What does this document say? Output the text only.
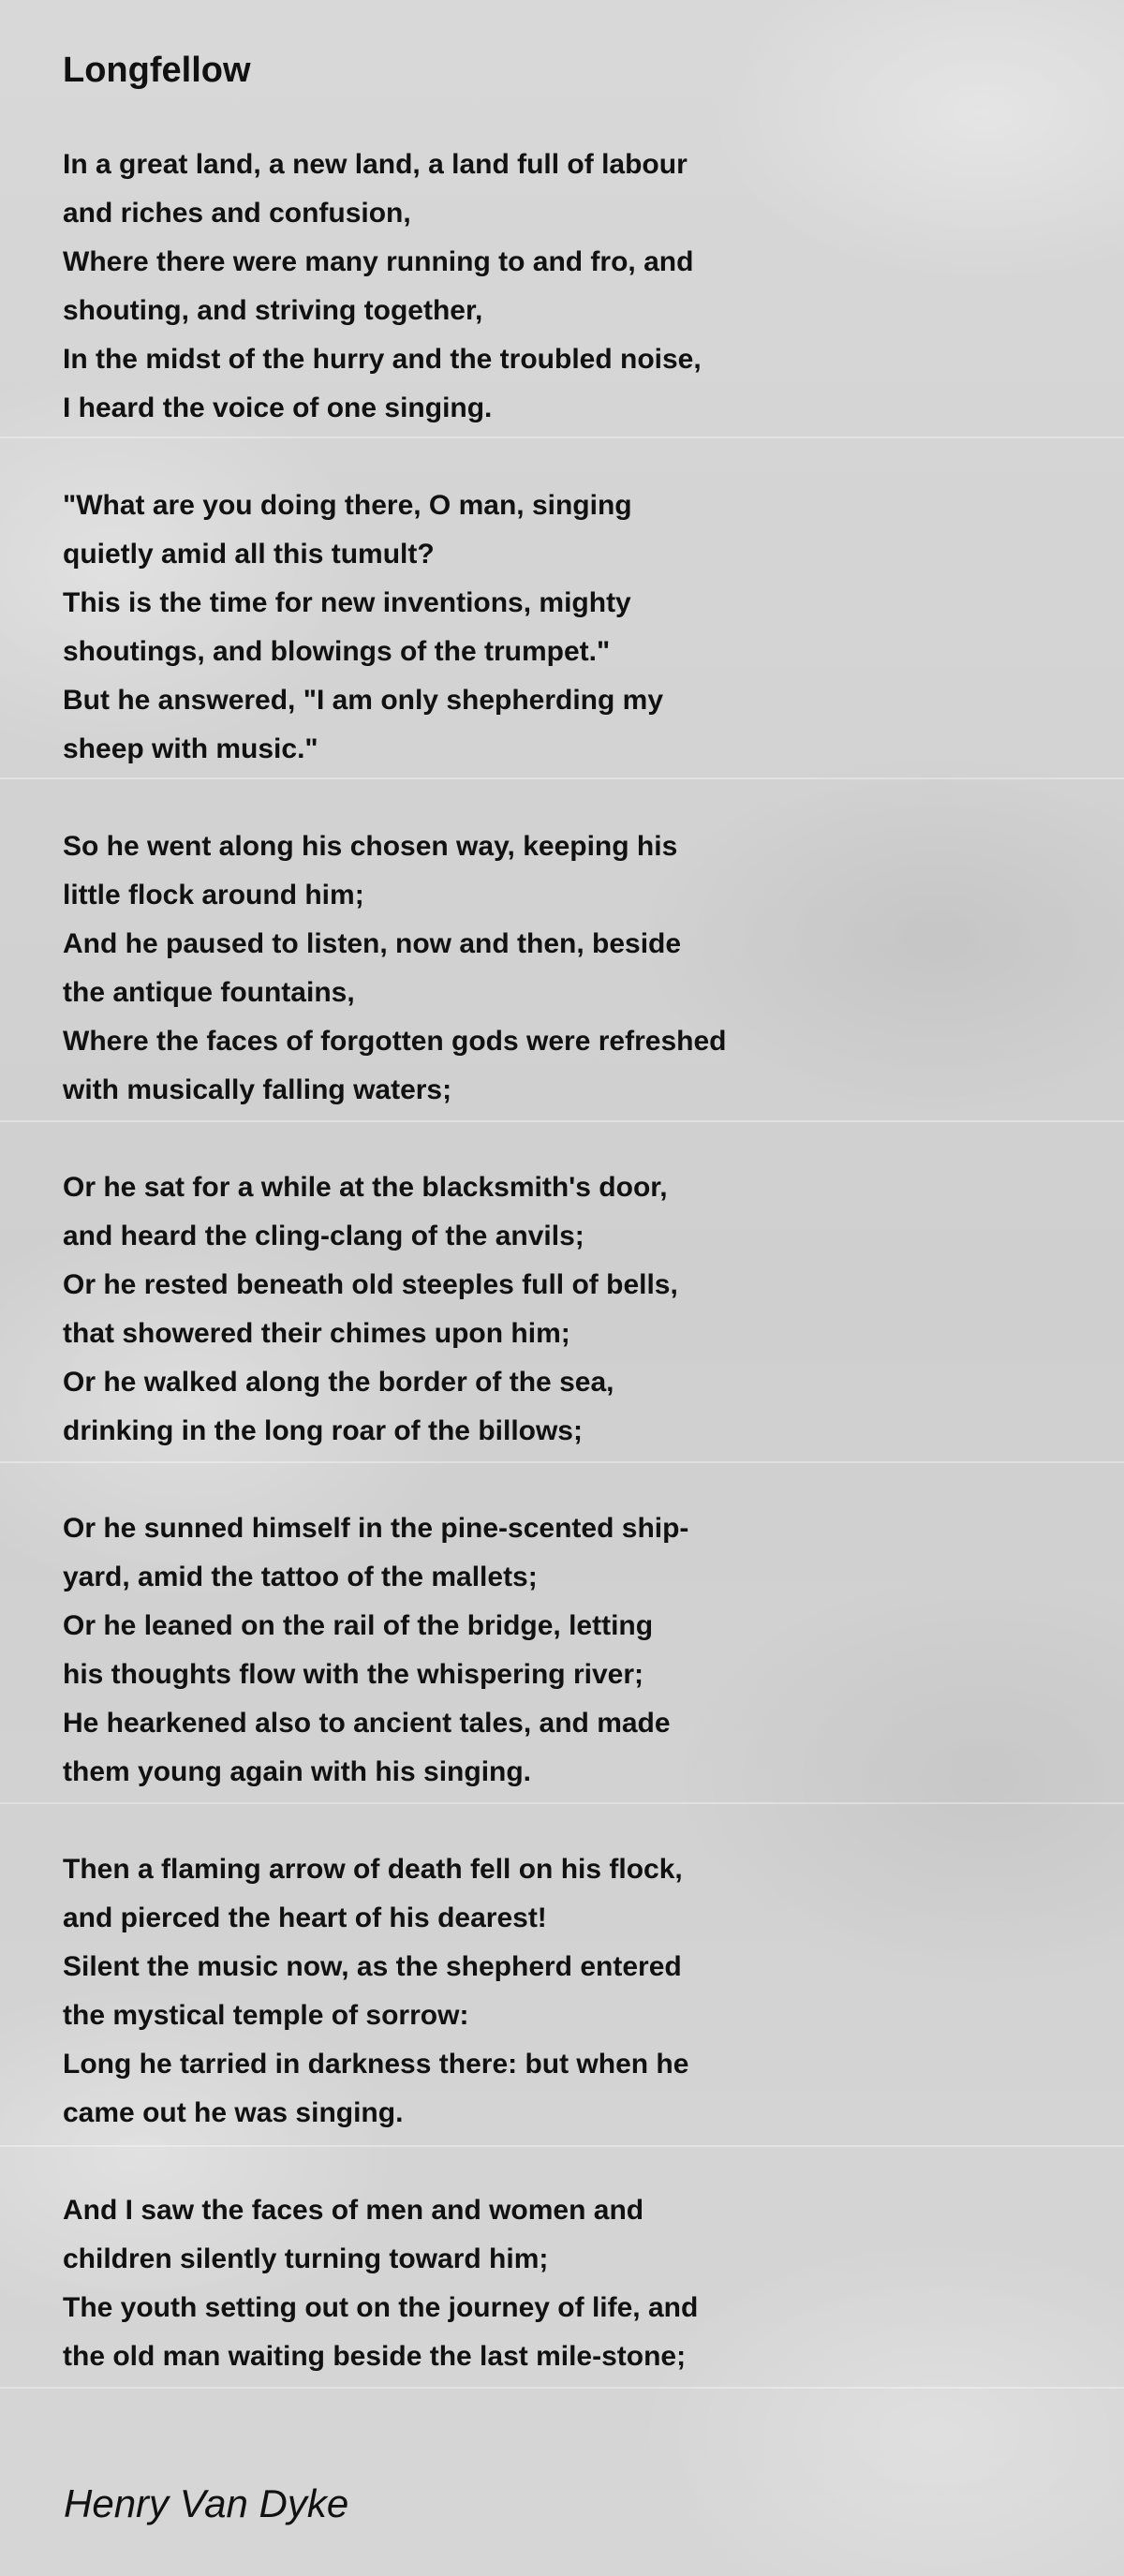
Longfellow
In a great land, a new land, a land full of labour
and riches and confusion,
Where there were many running to and fro, and
shouting, and striving together,
In the midst of the hurry and the troubled noise,
I heard the voice of one singing.
"What are you doing there, O man, singing
quietly amid all this tumult?
This is the time for new inventions, mighty
shoutings, and blowings of the trumpet."
But he answered, "I am only shepherding my
sheep with music."
So he went along his chosen way, keeping his
little flock around him;
And he paused to listen, now and then, beside
the antique fountains,
Where the faces of forgotten gods were refreshed
with musically falling waters;
Or he sat for a while at the blacksmith's door,
and heard the cling-clang of the anvils;
Or he rested beneath old steeples full of bells,
that showered their chimes upon him;
Or he walked along the border of the sea,
drinking in the long roar of the billows;
Or he sunned himself in the pine-scented ship-
yard, amid the tattoo of the mallets;
Or he leaned on the rail of the bridge, letting
his thoughts flow with the whispering river;
He hearkened also to ancient tales, and made
them young again with his singing.
Then a flaming arrow of death fell on his flock,
and pierced the heart of his dearest!
Silent the music now, as the shepherd entered
the mystical temple of sorrow:
Long he tarried in darkness there: but when he
came out he was singing.
And I saw the faces of men and women and
children silently turning toward him;
The youth setting out on the journey of life, and
the old man waiting beside the last mile-stone;
Henry Van Dyke
